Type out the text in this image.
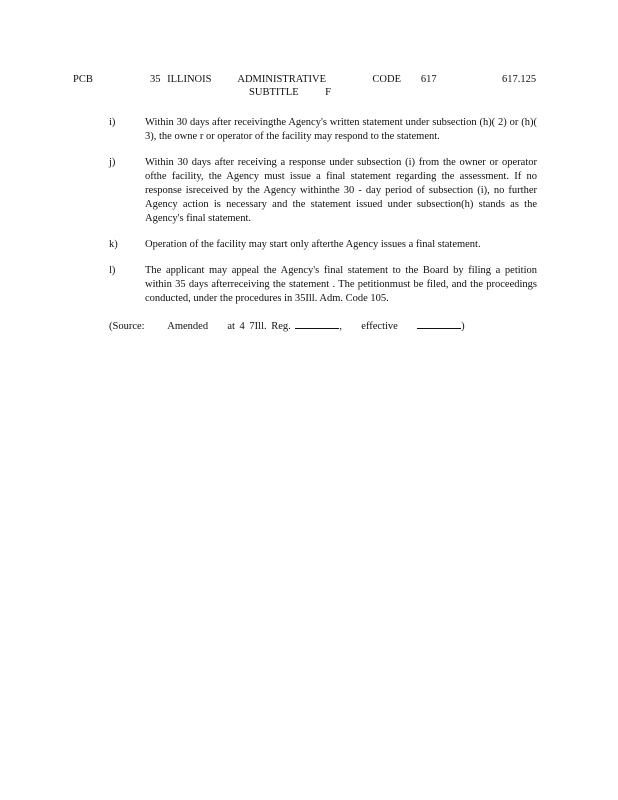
PCB	35 ILLINOIS    ADMINISTRATIVE       CODE   617
SUBTITLE    F
617.125
i)	Within 30 days after receivingthe Agency's written statement under subsection (h)( 2) or (h)( 3), the owne r or operator of the facility may respond to the statement.
j)	Within 30 days after receiving a response under subsection (i) from the owner or operator ofthe facility, the Agency must issue a final statement regarding the assessment. If no response isreceived by the Agency withinthe 30 - day period of subsection (i), no further Agency action is necessary and the statement issued under subsection(h) stands as the Agency's final statement.
k)	Operation of the facility may start only afterthe Agency issues a final statement.
l)	The applicant may appeal the Agency's final statement to the Board by filing a petition within 35 days afterreceiving the statement . The petitionmust be filed, and the proceedings conducted, under the procedures in 35Ill. Adm. Code 105.
(Source: Amended at 4 7Ill. Reg.	,  effective	)
